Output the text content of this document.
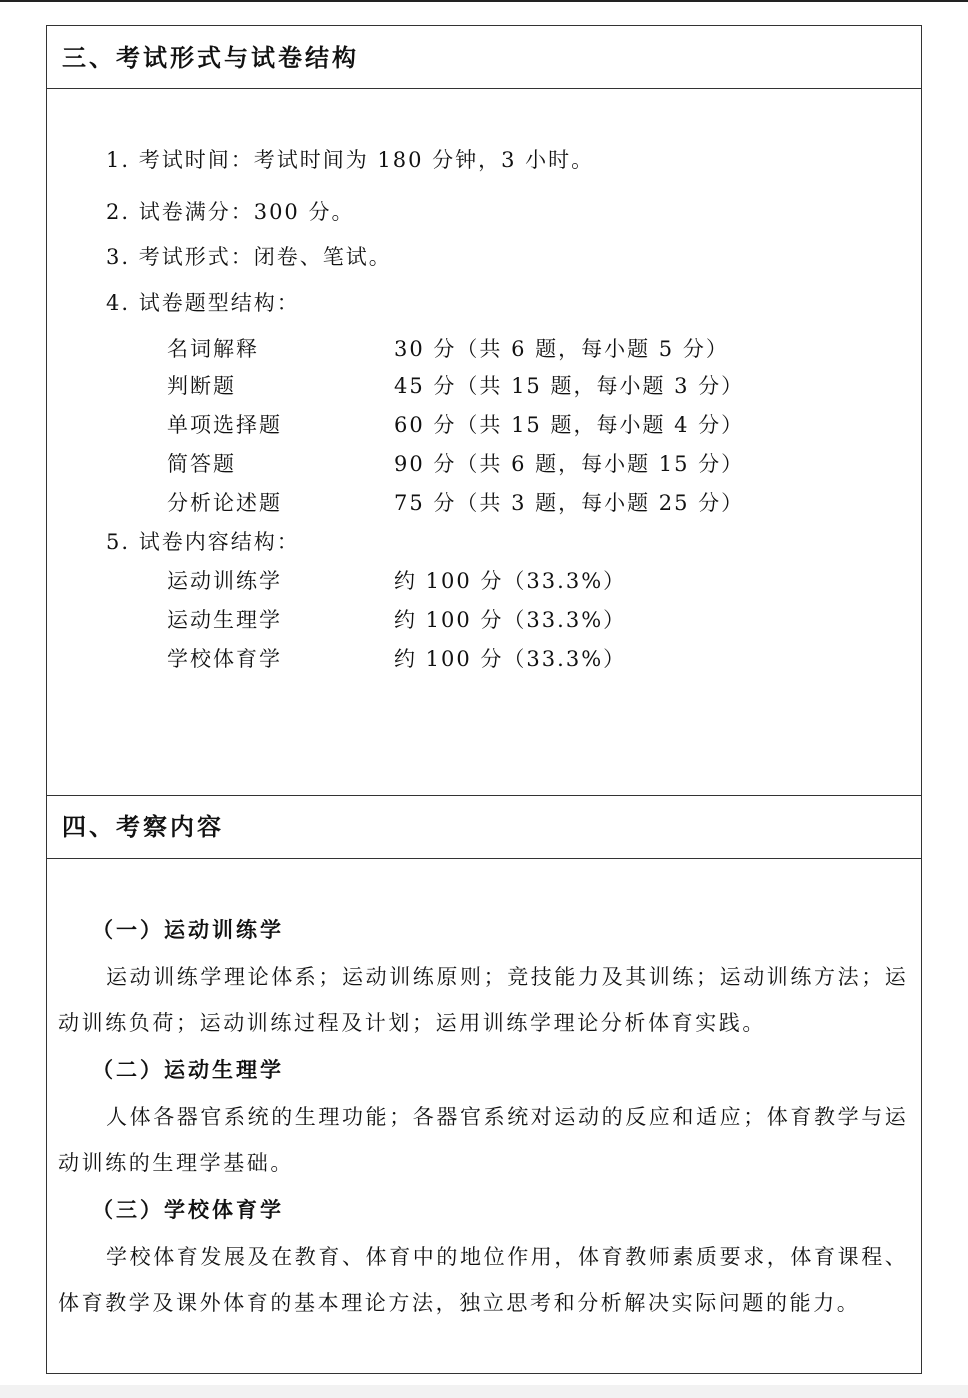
三、考试形式与试卷结构
1. 考试时间：考试时间为 180 分钟，3 小时。
2. 试卷满分：300 分。
3. 考试形式：闭卷、笔试。
4. 试卷题型结构：
名词解释	30 分（共 6 题，每小题 5 分）
判断题	45 分（共 15 题，每小题 3 分）
单项选择题	60 分（共 15 题，每小题 4 分）
简答题	90 分（共 6 题，每小题 15 分）
分析论述题	75 分（共 3 题，每小题 25 分）
5. 试卷内容结构：
运动训练学	约 100 分（33.3%）
运动生理学	约 100 分（33.3%）
学校体育学	约 100 分（33.3%）
四、考察内容
（一）运动训练学
运动训练学理论体系；运动训练原则；竞技能力及其训练；运动训练方法；运动训练负荷；运动训练过程及计划；运用训练学理论分析体育实践。
（二）运动生理学
人体各器官系统的生理功能；各器官系统对运动的反应和适应；体育教学与运动训练的生理学基础。
（三）学校体育学
学校体育发展及在教育、体育中的地位作用，体育教师素质要求，体育课程、体育教学及课外体育的基本理论方法，独立思考和分析解决实际问题的能力。
